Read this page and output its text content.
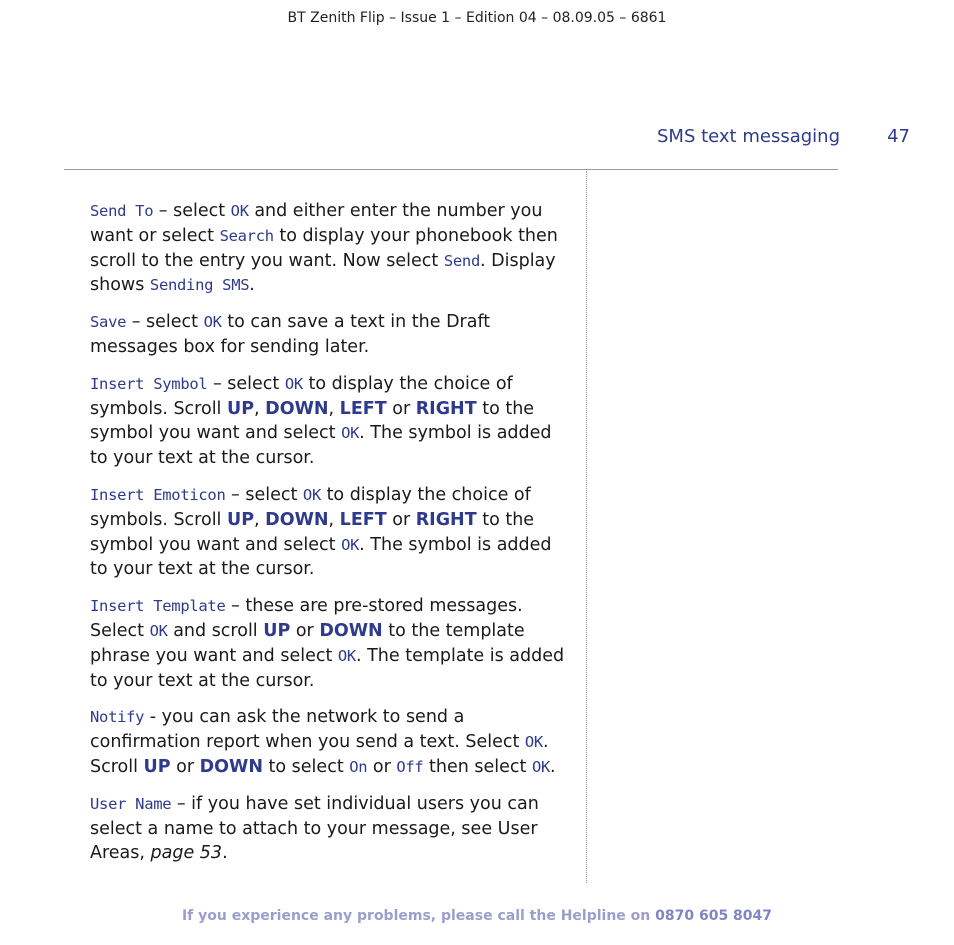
BT Zenith Flip – Issue 1 – Edition 04 – 08.09.05 – 6861
SMS text messaging	47

Send To – select OK and either enter the number you want or select Search to display your phonebook then scroll to the entry you want. Now select Send. Display shows Sending SMS.

Save – select OK to can save a text in the Draft messages box for sending later.

Insert Symbol – select OK to display the choice of symbols. Scroll UP, DOWN, LEFT or RIGHT to the symbol you want and select OK. The symbol is added to your text at the cursor.

Insert Emoticon – select OK to display the choice of symbols. Scroll UP, DOWN, LEFT or RIGHT to the symbol you want and select OK. The symbol is added to your text at the cursor.

Insert Template – these are pre-stored messages. Select OK and scroll UP or DOWN to the template phrase you want and select OK. The template is added to your text at the cursor.

Notify - you can ask the network to send a confirmation report when you send a text. Select OK. Scroll UP or DOWN to select On or Off then select OK.

User Name – if you have set individual users you can select a name to attach to your message, see User Areas, page 53.

If you experience any problems, please call the Helpline on 0870 605 8047
